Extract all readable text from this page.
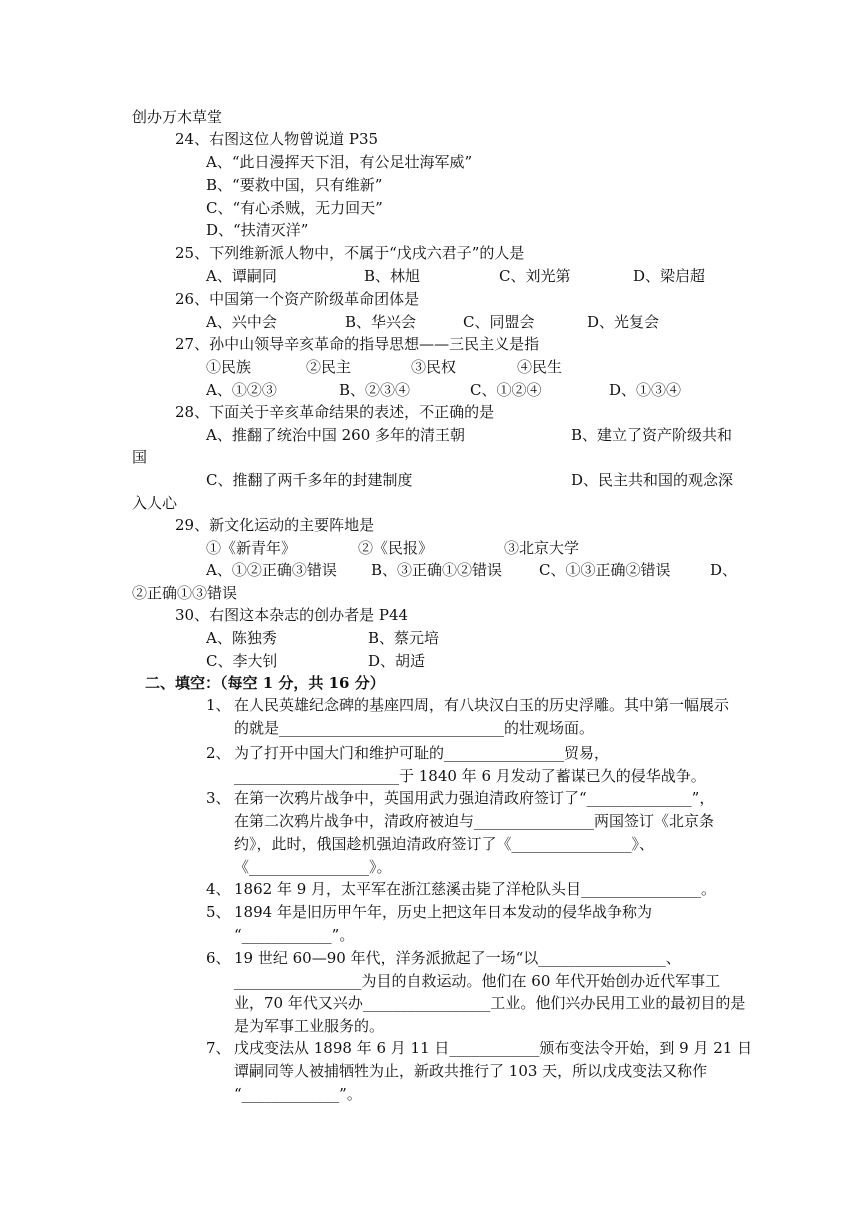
创办万木草堂
24、右图这位人物曾说道 P35
A、“此日漫挥天下泪，有公足壮海军威”
B、“要救中国，只有维新”
C、“有心杀贼，无力回天”
D、“扶清灭洋”
25、下列维新派人物中，不属于“戊戌六君子”的人是
A、谭嗣同	B、林旭	C、刘光第	D、梁启超
26、中国第一个资产阶级革命团体是
A、兴中会	B、华兴会	C、同盟会	D、光复会
27、孙中山领导辛亥革命的指导思想——三民主义是指
①民族	②民主	③民权	④民生
A、①②③	B、②③④	C、①②④	D、①③④
28、下面关于辛亥革命结果的表述，不正确的是
A、推翻了统治中国 260 多年的清王朝	B、建立了资产阶级共和
国
C、推翻了两千多年的封建制度	D、民主共和国的观念深
入人心
29、新文化运动的主要阵地是
①《新青年》	②《民报》	③北京大学
A、①②正确③错误 B、③正确①②错误 C、①③正确②错误	D、
②正确①③错误
30、右图这本杂志的创办者是 P44
A、陈独秀	B、蔡元培
C、李大钊	D、胡适
二、填空：（每空 1 分，共 16 分）
1、 在人民英雄纪念碑的基座四周，有八块汉白玉的历史浮雕。其中第一幅展示
的就是______________________________的壮观场面。
2、 为了打开中国大门和维护可耻的________________贸易，
______________________于 1840 年 6 月发动了蓄谋已久的侵华战争。
3、 在第一次鸦片战争中，英国用武力强迫清政府签订了“______________”，
在第二次鸦片战争中，清政府被迫与________________两国签订《北京条
约》，此时，俄国趁机强迫清政府签订了《________________》、
《________________》。
4、 1862 年 9 月，太平军在浙江慈溪击毙了洋枪队头目________________。
5、 1894 年是旧历甲午年，历史上把这年日本发动的侵华战争称为
“____________”。
6、 19 世纪 60—90 年代，洋务派掀起了一场“以_________________、
_________________为目的自救运动。他们在 60 年代开始创办近代军事工
业，70 年代又兴办_________________工业。他们兴办民用工业的最初目的是
是为军事工业服务的。
7、 戊戌变法从 1898 年 6 月 11 日____________颁布变法令开始，到 9 月 21 日
谭嗣同等人被捕牺牲为止，新政共推行了 103 天，所以戊戌变法又称作
“_____________”。
